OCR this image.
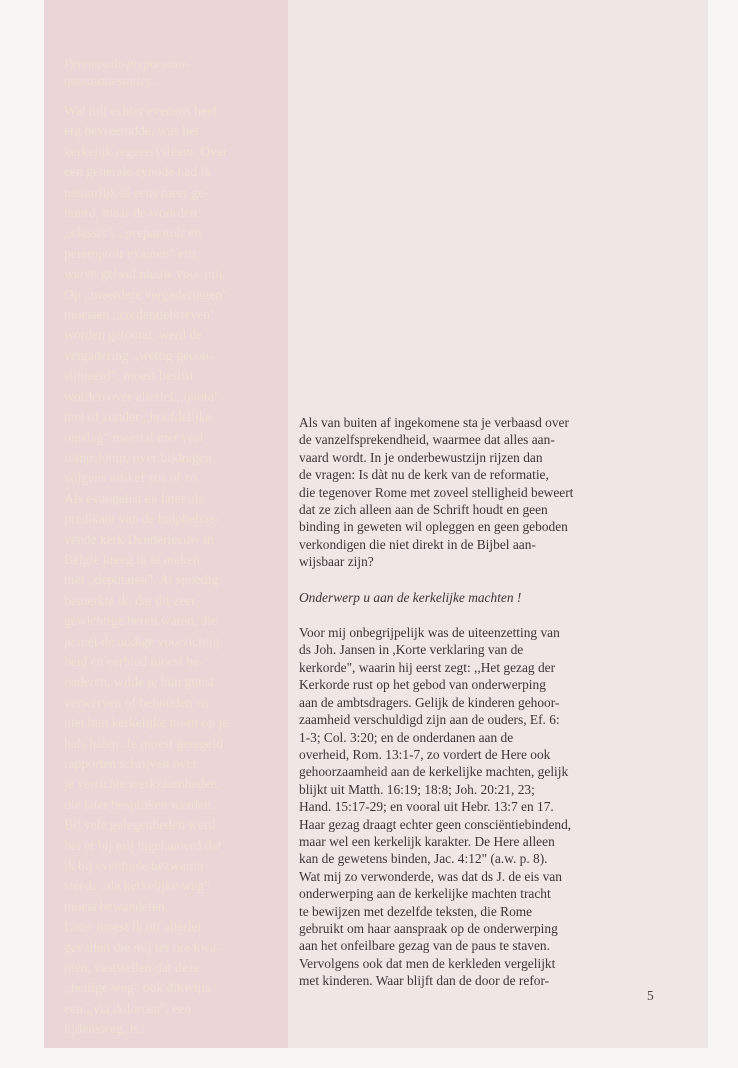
Peremptoir-preparatoir-
quota-attestaties. . . .
Wat mij echter evenens heel
erg bevreemdde, was het
kerkelijk regeersysteem. Over
een generale synode had ik
natuurlijk al eens meer ge-
hoord, maar de woorden
,,classis", ,,preparatoir en
peremptoir examen" enz.
waren geheel nieuw voor mij.
Op ,,meerdere vergaderingen"
moesten ,,credentiebrieven"
worden getoond, werd de
vergadering ,,wettig gecon-
stitueerd", moest beslist
worden over allerlei ,,quota"
met of zonder ,,hoofdelijke
omslag" meestal met veel
rompslomp, over bijdragen
volgens artikel zus of zo.
Als evangelist en later als
predikant van de hulpbehoe-
vende kerk Denderleeuw in
België kreeg ik te maken
met ,,deputaten". Al spoedig
bemerkte ik, dat dit zeer
gewichtige heren waren, die
je met de nodige voorzichtig-
heid en eerbied moest be-
naderen, wilde je hun gunst
verwerven of behouden en
niet hun kerkelijke toorn op je
hals halen. Je moest geregeld
rapporten schrijven over
je verrichte werkzaamheden,
die later besproken werden.
Bij vele gelegenheden werd
het er bij mij ingehamerd dat
ik bij eventuele bezwaren
steeds ,,de kerkelijke weg"
moest bewandelen.
Later moest ik uit allerlei
gevallen die mij ter ore kwa-
men, vaststellen dat deze
,,heilige weg" ook dikwijls
een ,,via dolorosa", een
lijdensweg, is.
Als van buiten af ingekomene sta je verbaasd over
de vanzelfsprekendheid, waarmee dat alles aan-
vaard wordt. In je onderbewustzijn rijzen dan
de vragen: Is dàt nu de kerk van de reformatie,
die tegenover Rome met zoveel stelligheid beweert
dat ze zich alleen aan de Schrift houdt en geen
binding in geweten wil opleggen en geen geboden
verkondigen die niet direkt in de Bijbel aan-
wijsbaar zijn?
Onderwerp u aan de kerkelijke machten !
Voor mij onbegrijpelijk was de uiteenzetting van
ds Joh. Jansen in ,Korte verklaring van de
kerkorde", waarin hij eerst zegt: ,,Het gezag der
Kerkorde rust op het gebod van onderwerping
aan de ambtsdragers. Gelijk de kinderen gehoor-
zaamheid verschuldigd zijn aan de ouders, Ef. 6:
1-3; Col. 3:20; en de onderdanen aan de
overheid, Rom. 13:1-7, zo vordert de Here ook
gehoorzaamheid aan de kerkelijke machten, gelijk
blijkt uit Matth. 16:19; 18:8; Joh. 20:21, 23;
Hand. 15:17-29; en vooral uit Hebr. 13:7 en 17.
Haar gezag draagt echter geen consciëntiebindend,
maar wel een kerkelijk karakter. De Here alleen
kan de gewetens binden, Jac. 4:12" (a.w. p. 8).
Wat mij zo verwonderde, was dat ds J. de eis van
onderwerping aan de kerkelijke machten tracht
te bewijzen met dezelfde teksten, die Rome
gebruikt om haar aanspraak op de onderwerping
aan het onfeilbare gezag van de paus te staven.
Vervolgens ook dat men de kerkleden vergelijkt
met kinderen. Waar blijft dan de door de refor-
5
